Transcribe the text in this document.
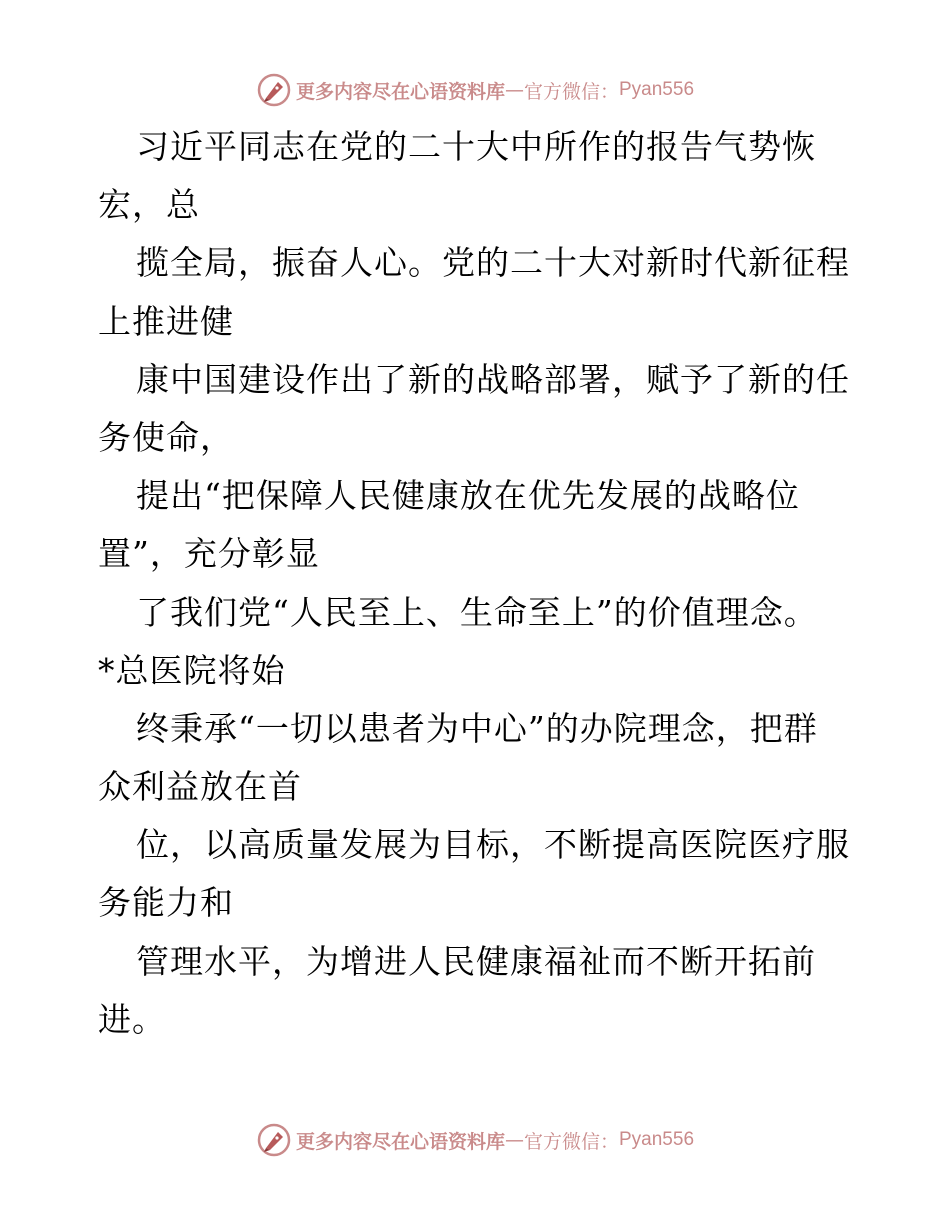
更多内容尽在心语资料库 — 官方微信： Pyan556
习近平同志在党的二十大中所作的报告气势恢
宏，总
揽全局，振奋人心。党的二十大对新时代新征程
上推进健
康中国建设作出了新的战略部署，赋予了新的任
务使命，
提出“把保障人民健康放在优先发展的战略位
置”，充分彰显
了我们党“人民至上、生命至上”的价值理念。
*总医院将始
终秉承“一切以患者为中心”的办院理念，把群
众利益放在首
位，以高质量发展为目标，不断提高医院医疗服
务能力和
管理水平，为增进人民健康福祉而不断开拓前
进。
更多内容尽在心语资料库 — 官方微信： Pyan556
